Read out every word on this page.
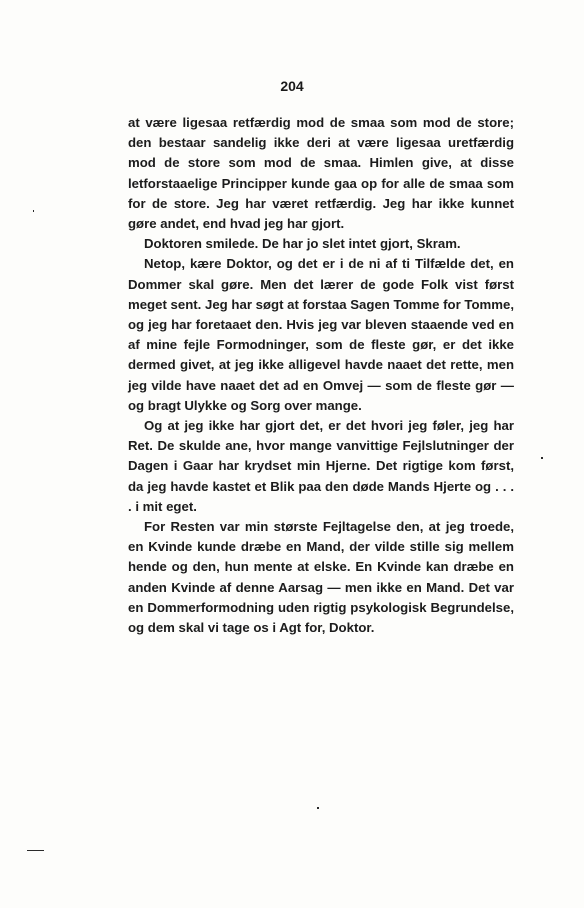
204

at være ligesaa retfærdig mod de smaa som mod de store; den bestaar sandelig ikke deri at være ligesaa uretfærdig mod de store som mod de smaa. Himlen give, at disse letforstaaelige Principper kunde gaa op for alle de smaa som for de store. Jeg har været retfærdig. Jeg har ikke kunnet gøre andet, end hvad jeg har gjort.

Doktoren smilede. De har jo slet intet gjort, Skram.

Netop, kære Doktor, og det er i de ni af ti Tilfælde det, en Dommer skal gøre. Men det lærer de gode Folk vist først meget sent. Jeg har søgt at forstaa Sagen Tomme for Tomme, og jeg har foretaaet den. Hvis jeg var bleven staaende ved en af mine fejle Formodninger, som de fleste gør, er det ikke dermed givet, at jeg ikke alligevel havde naaet det rette, men jeg vilde have naaet det ad en Omvej — som de fleste gør — og bragt Ulykke og Sorg over mange.

Og at jeg ikke har gjort det, er det hvori jeg føler, jeg har Ret. De skulde ane, hvor mange vanvittige Fejlslutninger der Dagen i Gaar har krydset min Hjerne. Det rigtige kom først, da jeg havde kastet et Blik paa den døde Mands Hjerte og . . . . i mit eget.

For Resten var min største Fejltagelse den, at jeg troede, en Kvinde kunde dræbe en Mand, der vilde stille sig mellem hende og den, hun mente at elske. En Kvinde kan dræbe en anden Kvinde af denne Aarsag — men ikke en Mand. Det var en Dommerformodning uden rigtig psykologisk Begrundelse, og dem skal vi tage os i Agt for, Doktor.
